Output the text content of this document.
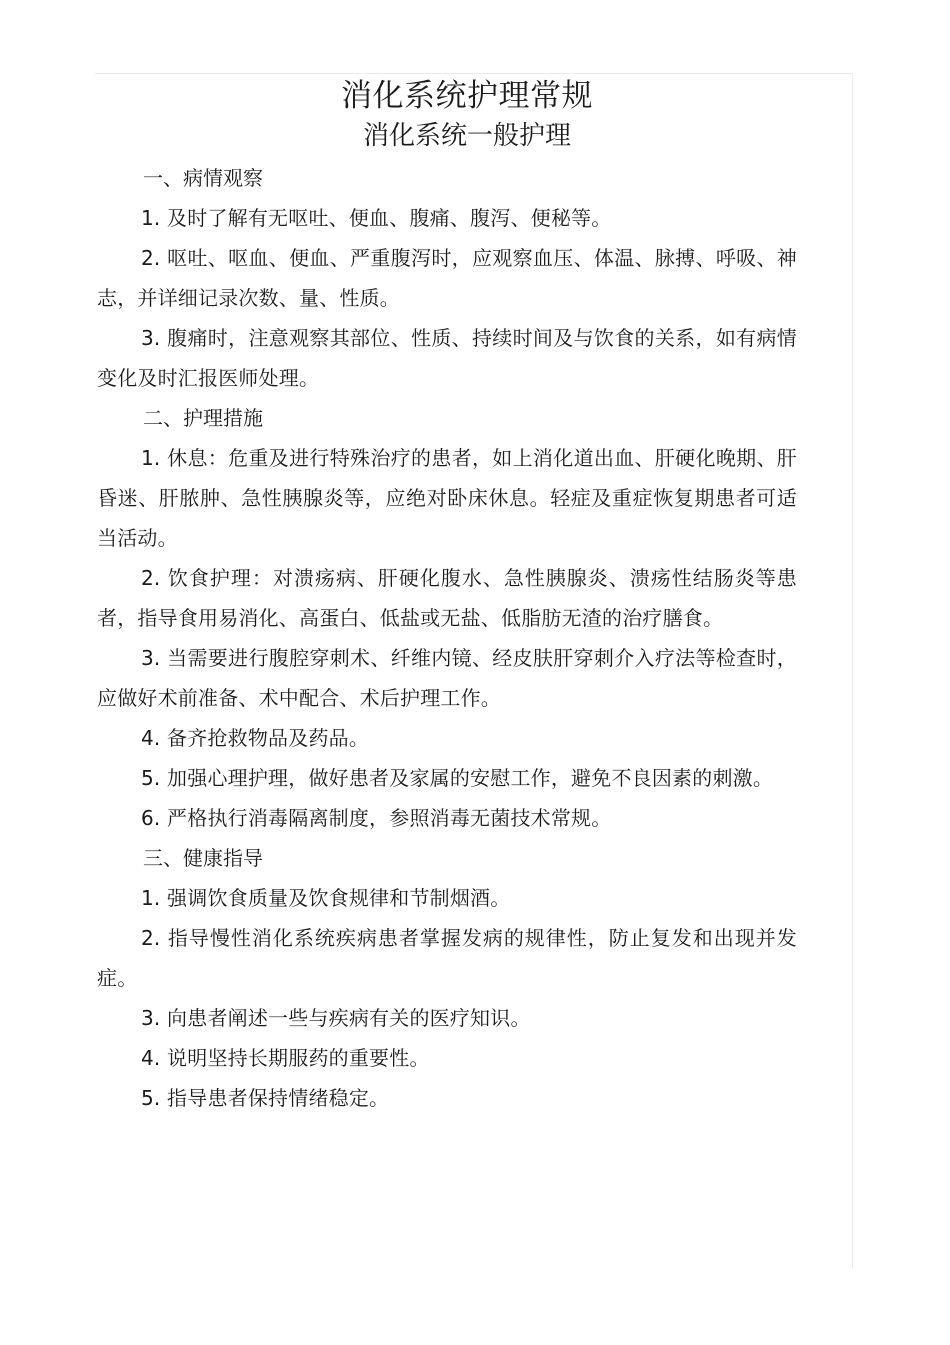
消化系统护理常规
消化系统一般护理

一、病情观察

1. 及时了解有无呕吐、便血、腹痛、腹泻、便秘等。

2. 呕吐、呕血、便血、严重腹泻时，应观察血压、体温、脉搏、呼吸、神志，并详细记录次数、量、性质。

3. 腹痛时，注意观察其部位、性质、持续时间及与饮食的关系，如有病情变化及时汇报医师处理。

二、护理措施

1. 休息：危重及进行特殊治疗的患者，如上消化道出血、肝硬化晚期、肝昏迷、肝脓肿、急性胰腺炎等，应绝对卧床休息。轻症及重症恢复期患者可适当活动。

2. 饮食护理：对溃疡病、肝硬化腹水、急性胰腺炎、溃疡性结肠炎等患者，指导食用易消化、高蛋白、低盐或无盐、低脂肪无渣的治疗膳食。

3. 当需要进行腹腔穿刺术、纤维内镜、经皮肤肝穿刺介入疗法等检查时，应做好术前准备、术中配合、术后护理工作。

4. 备齐抢救物品及药品。

5. 加强心理护理，做好患者及家属的安慰工作，避免不良因素的刺激。

6. 严格执行消毒隔离制度，参照消毒无菌技术常规。

三、健康指导

1. 强调饮食质量及饮食规律和节制烟酒。

2. 指导慢性消化系统疾病患者掌握发病的规律性，防止复发和出现并发症。

3. 向患者阐述一些与疾病有关的医疗知识。

4. 说明坚持长期服药的重要性。

5. 指导患者保持情绪稳定。
